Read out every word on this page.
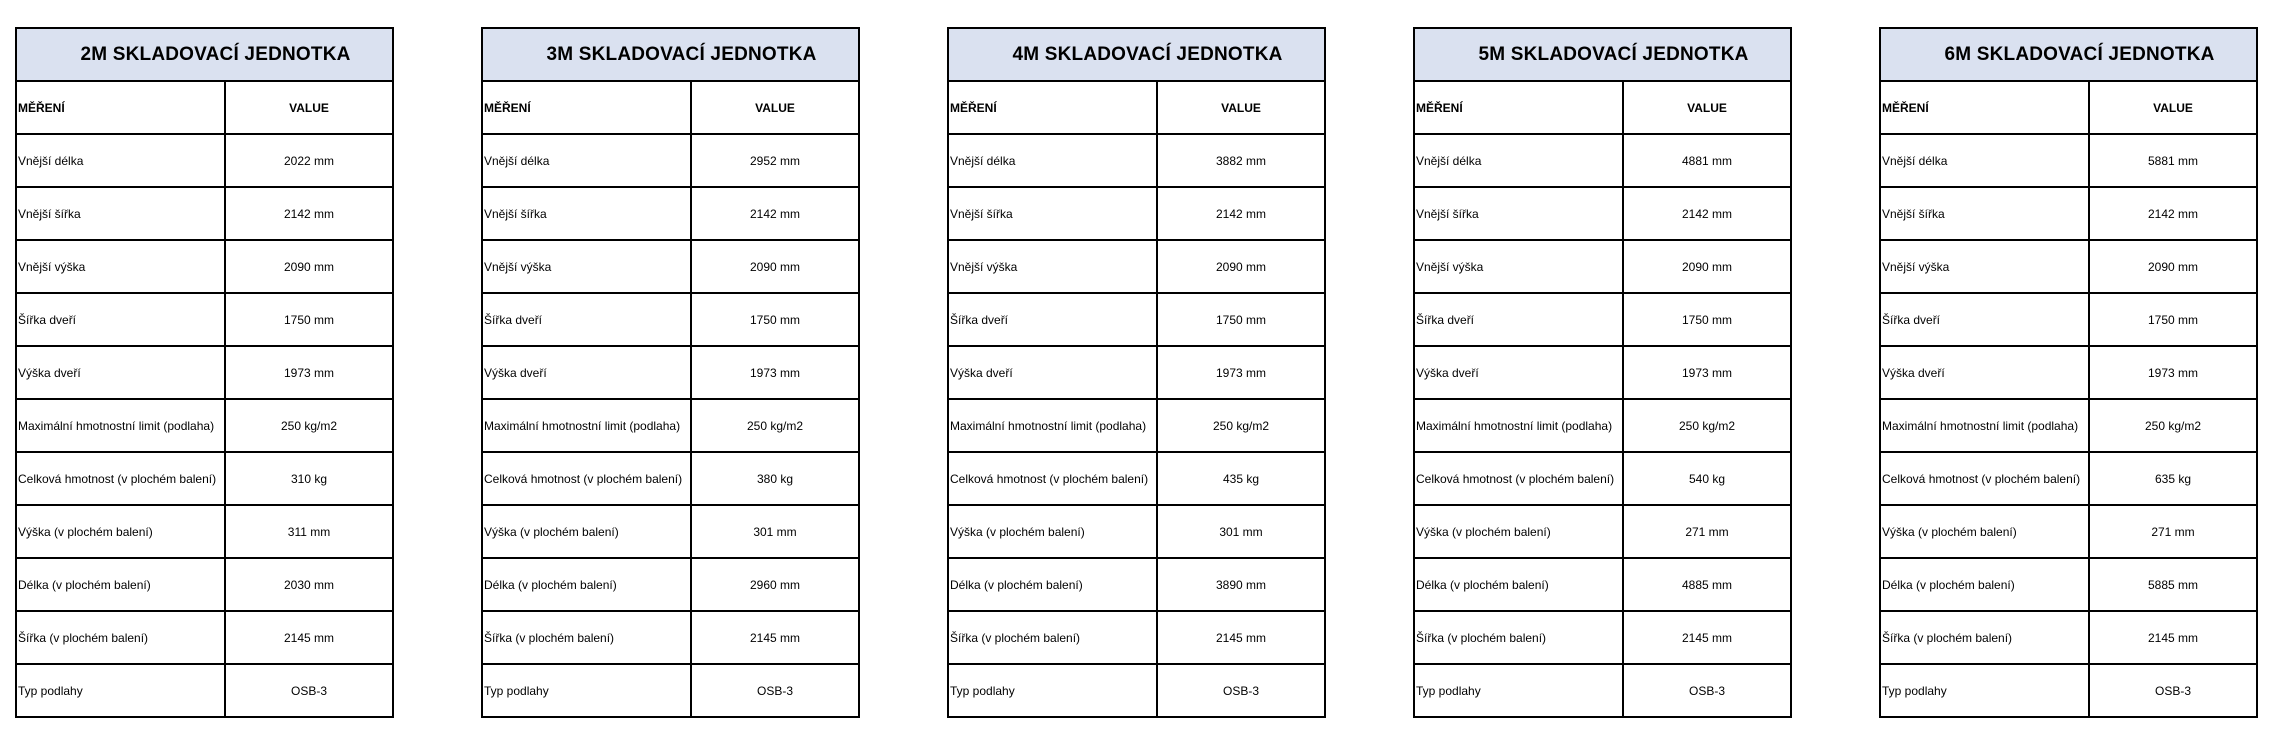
2M SKLADOVACÍ JEDNOTKA	
MĚŘENÍ	VALUE
Vnější délka	2022 mm
Vnější šířka	2142 mm
Vnější výška	2090 mm
Šířka dveří	1750 mm
Výška dveří	1973 mm
Maximální hmotnostní limit (podlaha)	250 kg/m2
Celková hmotnost (v plochém balení)	310 kg
Výška (v plochém balení)	311 mm
Délka (v plochém balení)	2030 mm
Šířka (v plochém balení)	2145 mm
Typ podlahy	OSB-3
3M SKLADOVACÍ JEDNOTKA	
MĚŘENÍ	VALUE
Vnější délka	2952 mm
Vnější šířka	2142 mm
Vnější výška	2090 mm
Šířka dveří	1750 mm
Výška dveří	1973 mm
Maximální hmotnostní limit (podlaha)	250 kg/m2
Celková hmotnost (v plochém balení)	380 kg
Výška (v plochém balení)	301 mm
Délka (v plochém balení)	2960 mm
Šířka (v plochém balení)	2145 mm
Typ podlahy	OSB-3
4M SKLADOVACÍ JEDNOTKA	
MĚŘENÍ	VALUE
Vnější délka	3882 mm
Vnější šířka	2142 mm
Vnější výška	2090 mm
Šířka dveří	1750 mm
Výška dveří	1973 mm
Maximální hmotnostní limit (podlaha)	250 kg/m2
Celková hmotnost (v plochém balení)	435 kg
Výška (v plochém balení)	301 mm
Délka (v plochém balení)	3890 mm
Šířka (v plochém balení)	2145 mm
Typ podlahy	OSB-3
5M SKLADOVACÍ JEDNOTKA	
MĚŘENÍ	VALUE
Vnější délka	4881 mm
Vnější šířka	2142 mm
Vnější výška	2090 mm
Šířka dveří	1750 mm
Výška dveří	1973 mm
Maximální hmotnostní limit (podlaha)	250 kg/m2
Celková hmotnost (v plochém balení)	540 kg
Výška (v plochém balení)	271 mm
Délka (v plochém balení)	4885 mm
Šířka (v plochém balení)	2145 mm
Typ podlahy	OSB-3
6M SKLADOVACÍ JEDNOTKA	
MĚŘENÍ	VALUE
Vnější délka	5881 mm
Vnější šířka	2142 mm
Vnější výška	2090 mm
Šířka dveří	1750 mm
Výška dveří	1973 mm
Maximální hmotnostní limit (podlaha)	250 kg/m2
Celková hmotnost (v plochém balení)	635 kg
Výška (v plochém balení)	271 mm
Délka (v plochém balení)	5885 mm
Šířka (v plochém balení)	2145 mm
Typ podlahy	OSB-3
